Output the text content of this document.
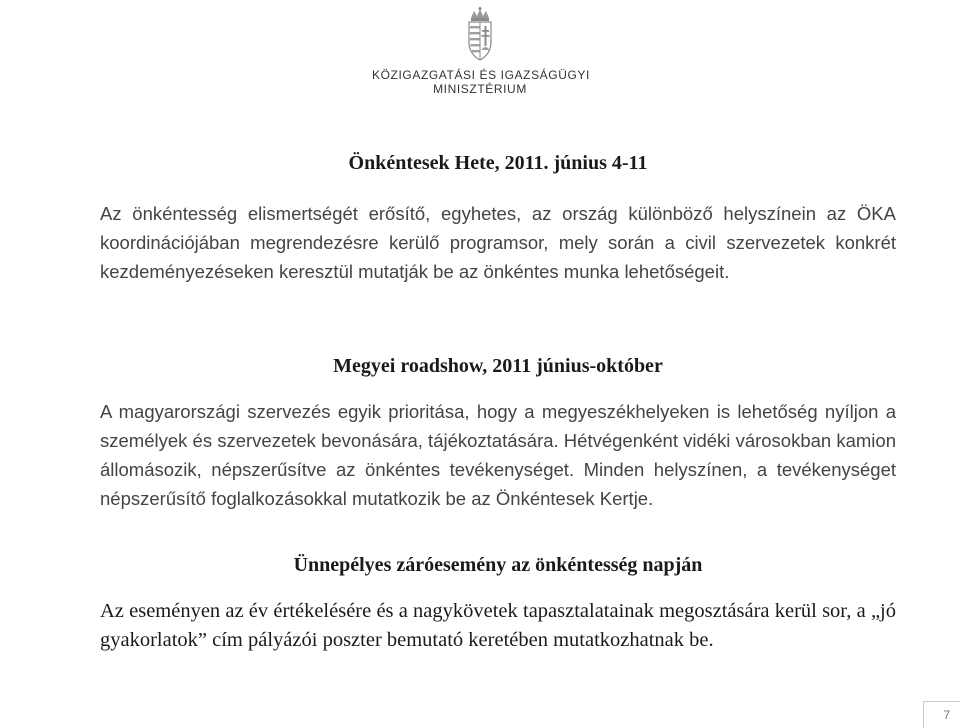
KÖZIGAZGATÁSI ÉS IGAZSÁGÜGYI
MINISZTÉRIUM
Önkéntesek Hete, 2011. június 4-11

Az önkéntesség elismertségét erősítő, egyhetes, az ország különböző helyszínein az ÖKA koordinációjában megrendezésre kerülő programsor, mely során a civil szervezetek konkrét kezdeményezéseken keresztül mutatják be az önkéntes munka lehetőségeit.

Megyei roadshow, 2011 június-október

A magyarországi szervezés egyik prioritása, hogy a megyeszékhelyeken is lehetőség nyíljon a személyek és szervezetek bevonására, tájékoztatására. Hétvégenként vidéki városokban kamion állomásozik, népszerűsítve az önkéntes tevékenységet. Minden helyszínen, a tevékenységet népszerűsítő foglalkozásokkal mutatkozik be az Önkéntesek Kertje.

Ünnepélyes záróesemény az önkéntesség napján

Az eseményen az év értékelésére és a nagykövetek tapasztalatainak megosztására kerül sor, a „jó gyakorlatok” cím pályázói poszter bemutató keretében mutatkozhatnak be.

7
